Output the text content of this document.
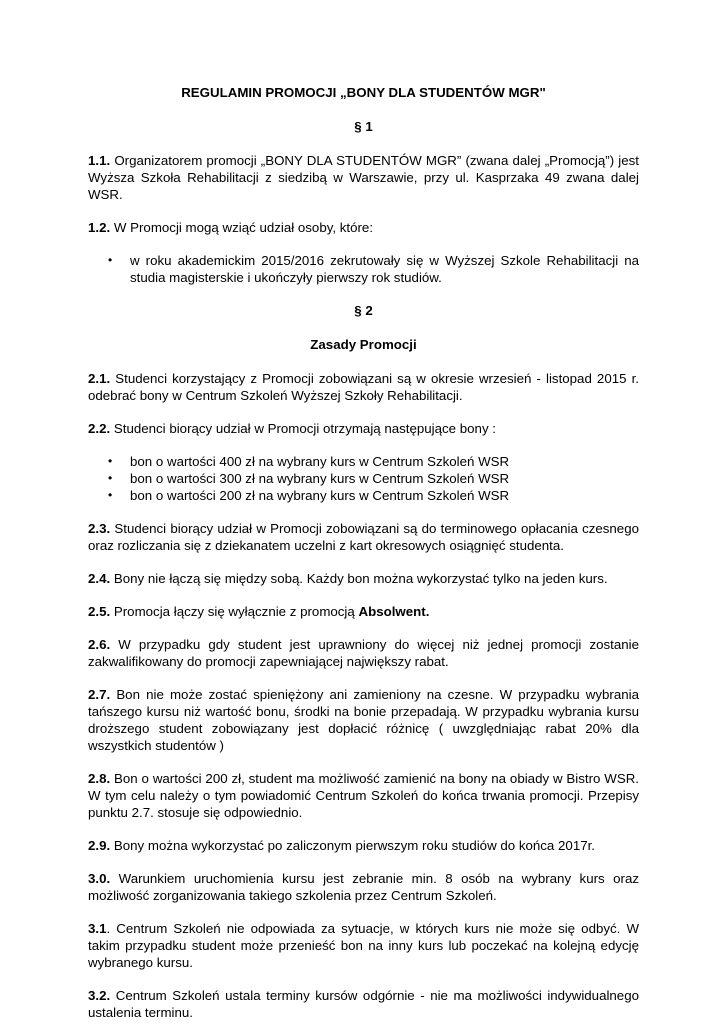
REGULAMIN PROMOCJI „BONY DLA STUDENTÓW MGR"
§ 1

1.1. Organizatorem promocji „BONY DLA STUDENTÓW MGR” (zwana dalej „Promocją”) jest Wyższa Szkoła Rehabilitacji z siedzibą w Warszawie, przy ul. Kasprzaka 49 zwana dalej WSR.

1.2. W Promocji mogą wziąć udział osoby, które:

• w roku akademickim 2015/2016 zekrutowały się w Wyższej Szkole Rehabilitacji na studia magisterskie i ukończyły pierwszy rok studiów.
§ 2
Zasady Promocji

2.1. Studenci korzystający z Promocji zobowiązani są w okresie wrzesień - listopad 2015 r. odebrać bony w Centrum Szkoleń Wyższej Szkoły Rehabilitacji.

2.2. Studenci biorący udział w Promocji otrzymają następujące bony :

• bon o wartości 400 zł na wybrany kurs w Centrum Szkoleń WSR
• bon o wartości 300 zł na wybrany kurs w Centrum Szkoleń WSR
• bon o wartości 200 zł na wybrany kurs w Centrum Szkoleń WSR

2.3. Studenci biorący udział w Promocji zobowiązani są do terminowego opłacania czesnego oraz rozliczania się z dziekanatem uczelni z kart okresowych osiągnięć studenta.

2.4. Bony nie łączą się między sobą. Każdy bon można wykorzystać tylko na jeden kurs.

2.5. Promocja łączy się wyłącznie z promocją Absolwent.

2.6. W przypadku gdy student jest uprawniony do więcej niż jednej promocji zostanie zakwalifikowany do promocji zapewniającej największy rabat.

2.7. Bon nie może zostać spieniężony ani zamieniony na czesne. W przypadku wybrania tańszego kursu niż wartość bonu, środki na bonie przepadają. W przypadku wybrania kursu droższego student zobowiązany jest dopłacić różnicę ( uwzględniając rabat 20% dla wszystkich studentów )

2.8. Bon o wartości 200 zł, student ma możliwość zamienić na bony na obiady w Bistro WSR. W tym celu należy o tym powiadomić Centrum Szkoleń do końca trwania promocji. Przepisy punktu 2.7. stosuje się odpowiednio.

2.9. Bony można wykorzystać po zaliczonym pierwszym roku studiów do końca 2017r.

3.0. Warunkiem uruchomienia kursu jest zebranie min. 8 osób na wybrany kurs oraz możliwość zorganizowania takiego szkolenia przez Centrum Szkoleń.

3.1. Centrum Szkoleń nie odpowiada za sytuacje, w których kurs nie może się odbyć. W takim przypadku student może przenieść bon na inny kurs lub poczekać na kolejną edycję wybranego kursu.

3.2. Centrum Szkoleń ustala terminy kursów odgórnie - nie ma możliwości indywidualnego ustalenia terminu.
